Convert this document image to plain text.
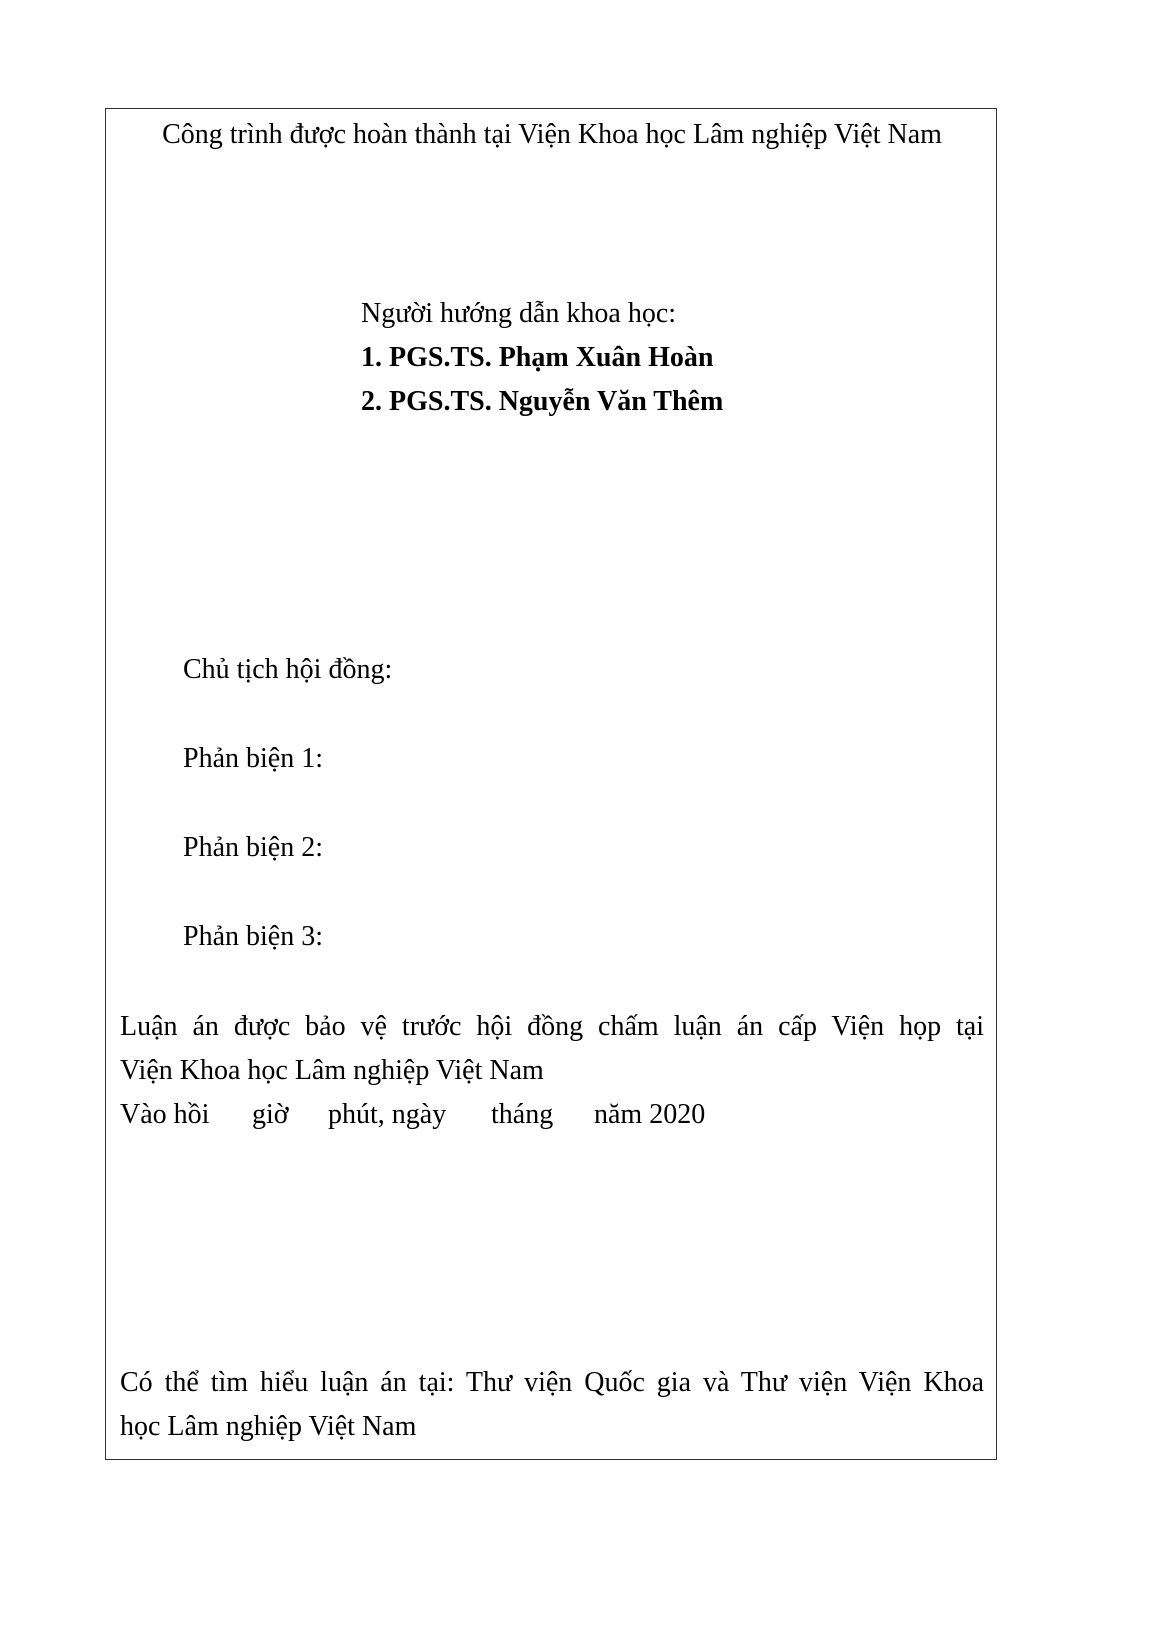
Công trình được hoàn thành tại Viện Khoa học Lâm nghiệp Việt Nam
Người hướng dẫn khoa học:
1. PGS.TS. Phạm Xuân Hoàn
2. PGS.TS. Nguyễn Văn Thêm
Chủ tịch hội đồng:
Phản biện 1:
Phản biện 2:
Phản biện 3:
Luận án được bảo vệ trước hội đồng chấm luận án cấp Viện họp tại
Viện Khoa học Lâm nghiệp Việt Nam
Vào hồi giờ phút, ngày tháng năm 2020
Có thể tìm hiểu luận án tại: Thư viện Quốc gia và Thư viện Viện Khoa
học Lâm nghiệp Việt Nam
